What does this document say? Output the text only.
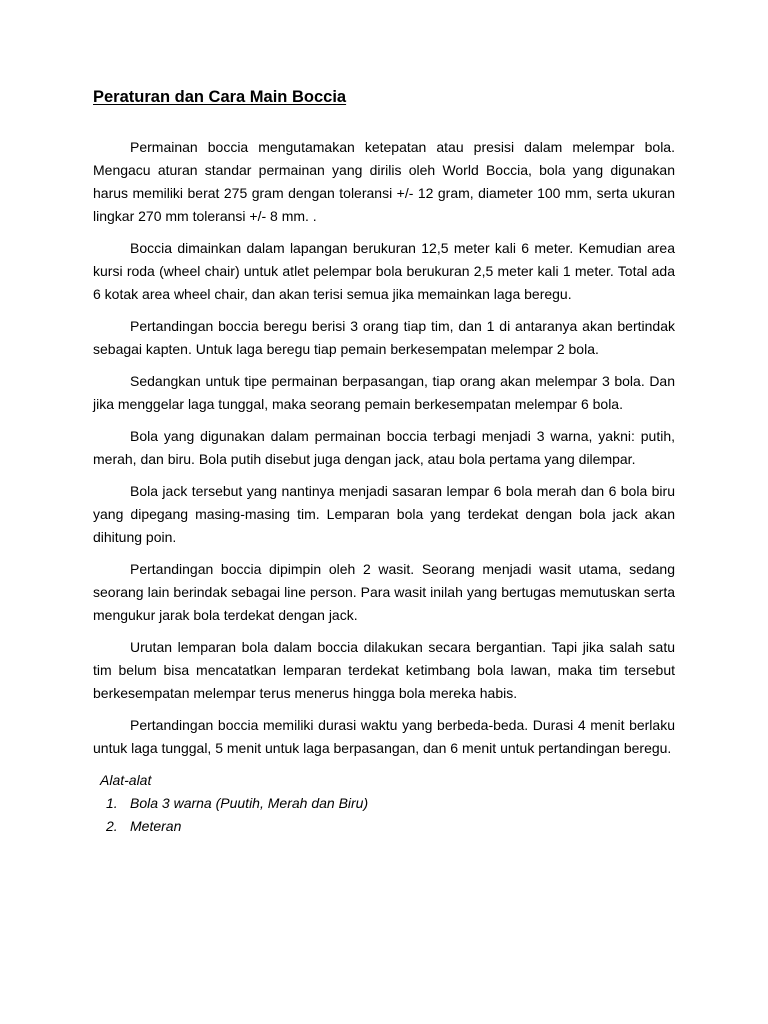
Peraturan dan Cara Main Boccia

Permainan boccia mengutamakan ketepatan atau presisi dalam melempar bola. Mengacu aturan standar permainan yang dirilis oleh World Boccia, bola yang digunakan harus memiliki berat 275 gram dengan toleransi +/- 12 gram, diameter 100 mm, serta ukuran lingkar 270 mm toleransi +/- 8 mm. .

Boccia dimainkan dalam lapangan berukuran 12,5 meter kali 6 meter. Kemudian area kursi roda (wheel chair) untuk atlet pelempar bola berukuran 2,5 meter kali 1 meter. Total ada 6 kotak area wheel chair, dan akan terisi semua jika memainkan laga beregu.

Pertandingan boccia beregu berisi 3 orang tiap tim, dan 1 di antaranya akan bertindak sebagai kapten. Untuk laga beregu tiap pemain berkesempatan melempar 2 bola.

Sedangkan untuk tipe permainan berpasangan, tiap orang akan melempar 3 bola. Dan jika menggelar laga tunggal, maka seorang pemain berkesempatan melempar 6 bola.

Bola yang digunakan dalam permainan boccia terbagi menjadi 3 warna, yakni: putih, merah, dan biru. Bola putih disebut juga dengan jack, atau bola pertama yang dilempar.

Bola jack tersebut yang nantinya menjadi sasaran lempar 6 bola merah dan 6 bola biru yang dipegang masing-masing tim. Lemparan bola yang terdekat dengan bola jack akan dihitung poin.

Pertandingan boccia dipimpin oleh 2 wasit. Seorang menjadi wasit utama, sedang seorang lain berindak sebagai line person. Para wasit inilah yang bertugas memutuskan serta mengukur jarak bola terdekat dengan jack.

Urutan lemparan bola dalam boccia dilakukan secara bergantian. Tapi jika salah satu tim belum bisa mencatatkan lemparan terdekat ketimbang bola lawan, maka tim tersebut berkesempatan melempar terus menerus hingga bola mereka habis.

Pertandingan boccia memiliki durasi waktu yang berbeda-beda. Durasi 4 menit berlaku untuk laga tunggal, 5 menit untuk laga berpasangan, dan 6 menit untuk pertandingan beregu.

Alat-alat
1. Bola 3 warna (Puutih, Merah dan Biru)
2. Meteran
